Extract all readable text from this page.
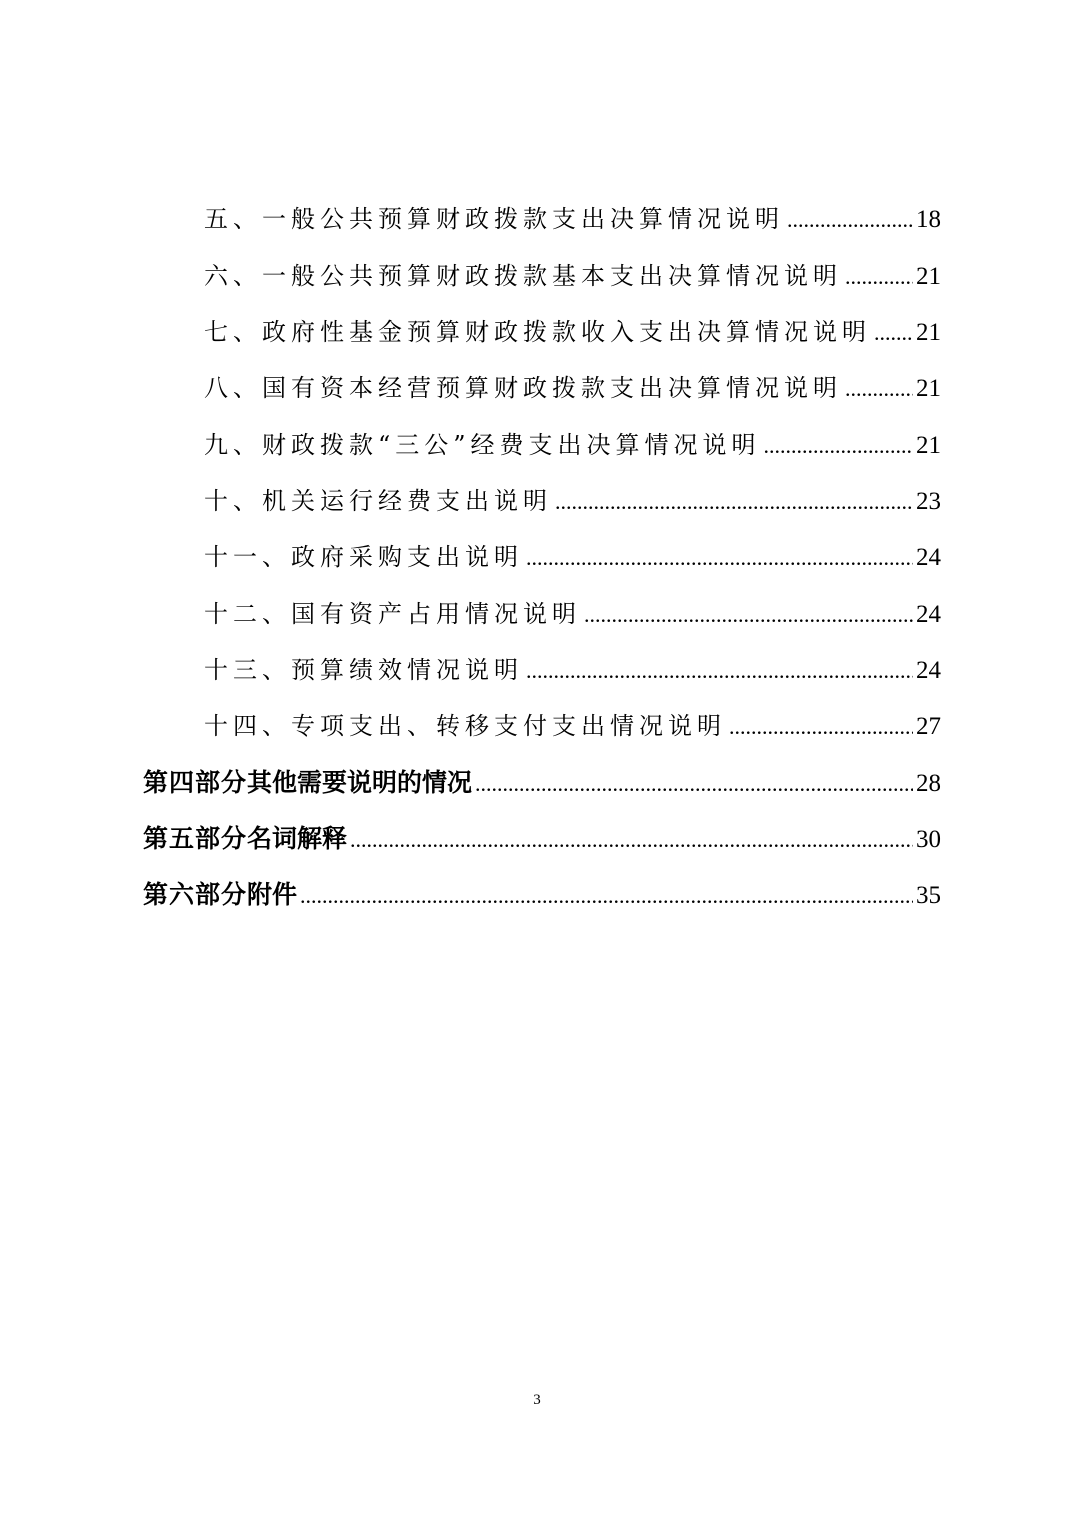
五、一般公共预算财政拨款支出决算情况说明 .....	18
六、一般公共预算财政拨款基本支出决算情况说明 .....	21
七、政府性基金预算财政拨款收入支出决算情况说明 ..... 21
八、国有资本经营预算财政拨款支出决算情况说明 .....	21
九、财政拨款“三公”经费支出决算情况说明 .....	21
十、机关运行经费支出说明 .....	23
十一、政府采购支出说明 .....	24
十二、国有资产占用情况说明 .....	24
十三、预算绩效情况说明 .....	24
十四、专项支出、转移支付支出情况说明 .....	27
第四部分 其他需要说明的情况 .....	28
第五部分 名词解释 .....	30
第六部分 附件 .....	35
3
